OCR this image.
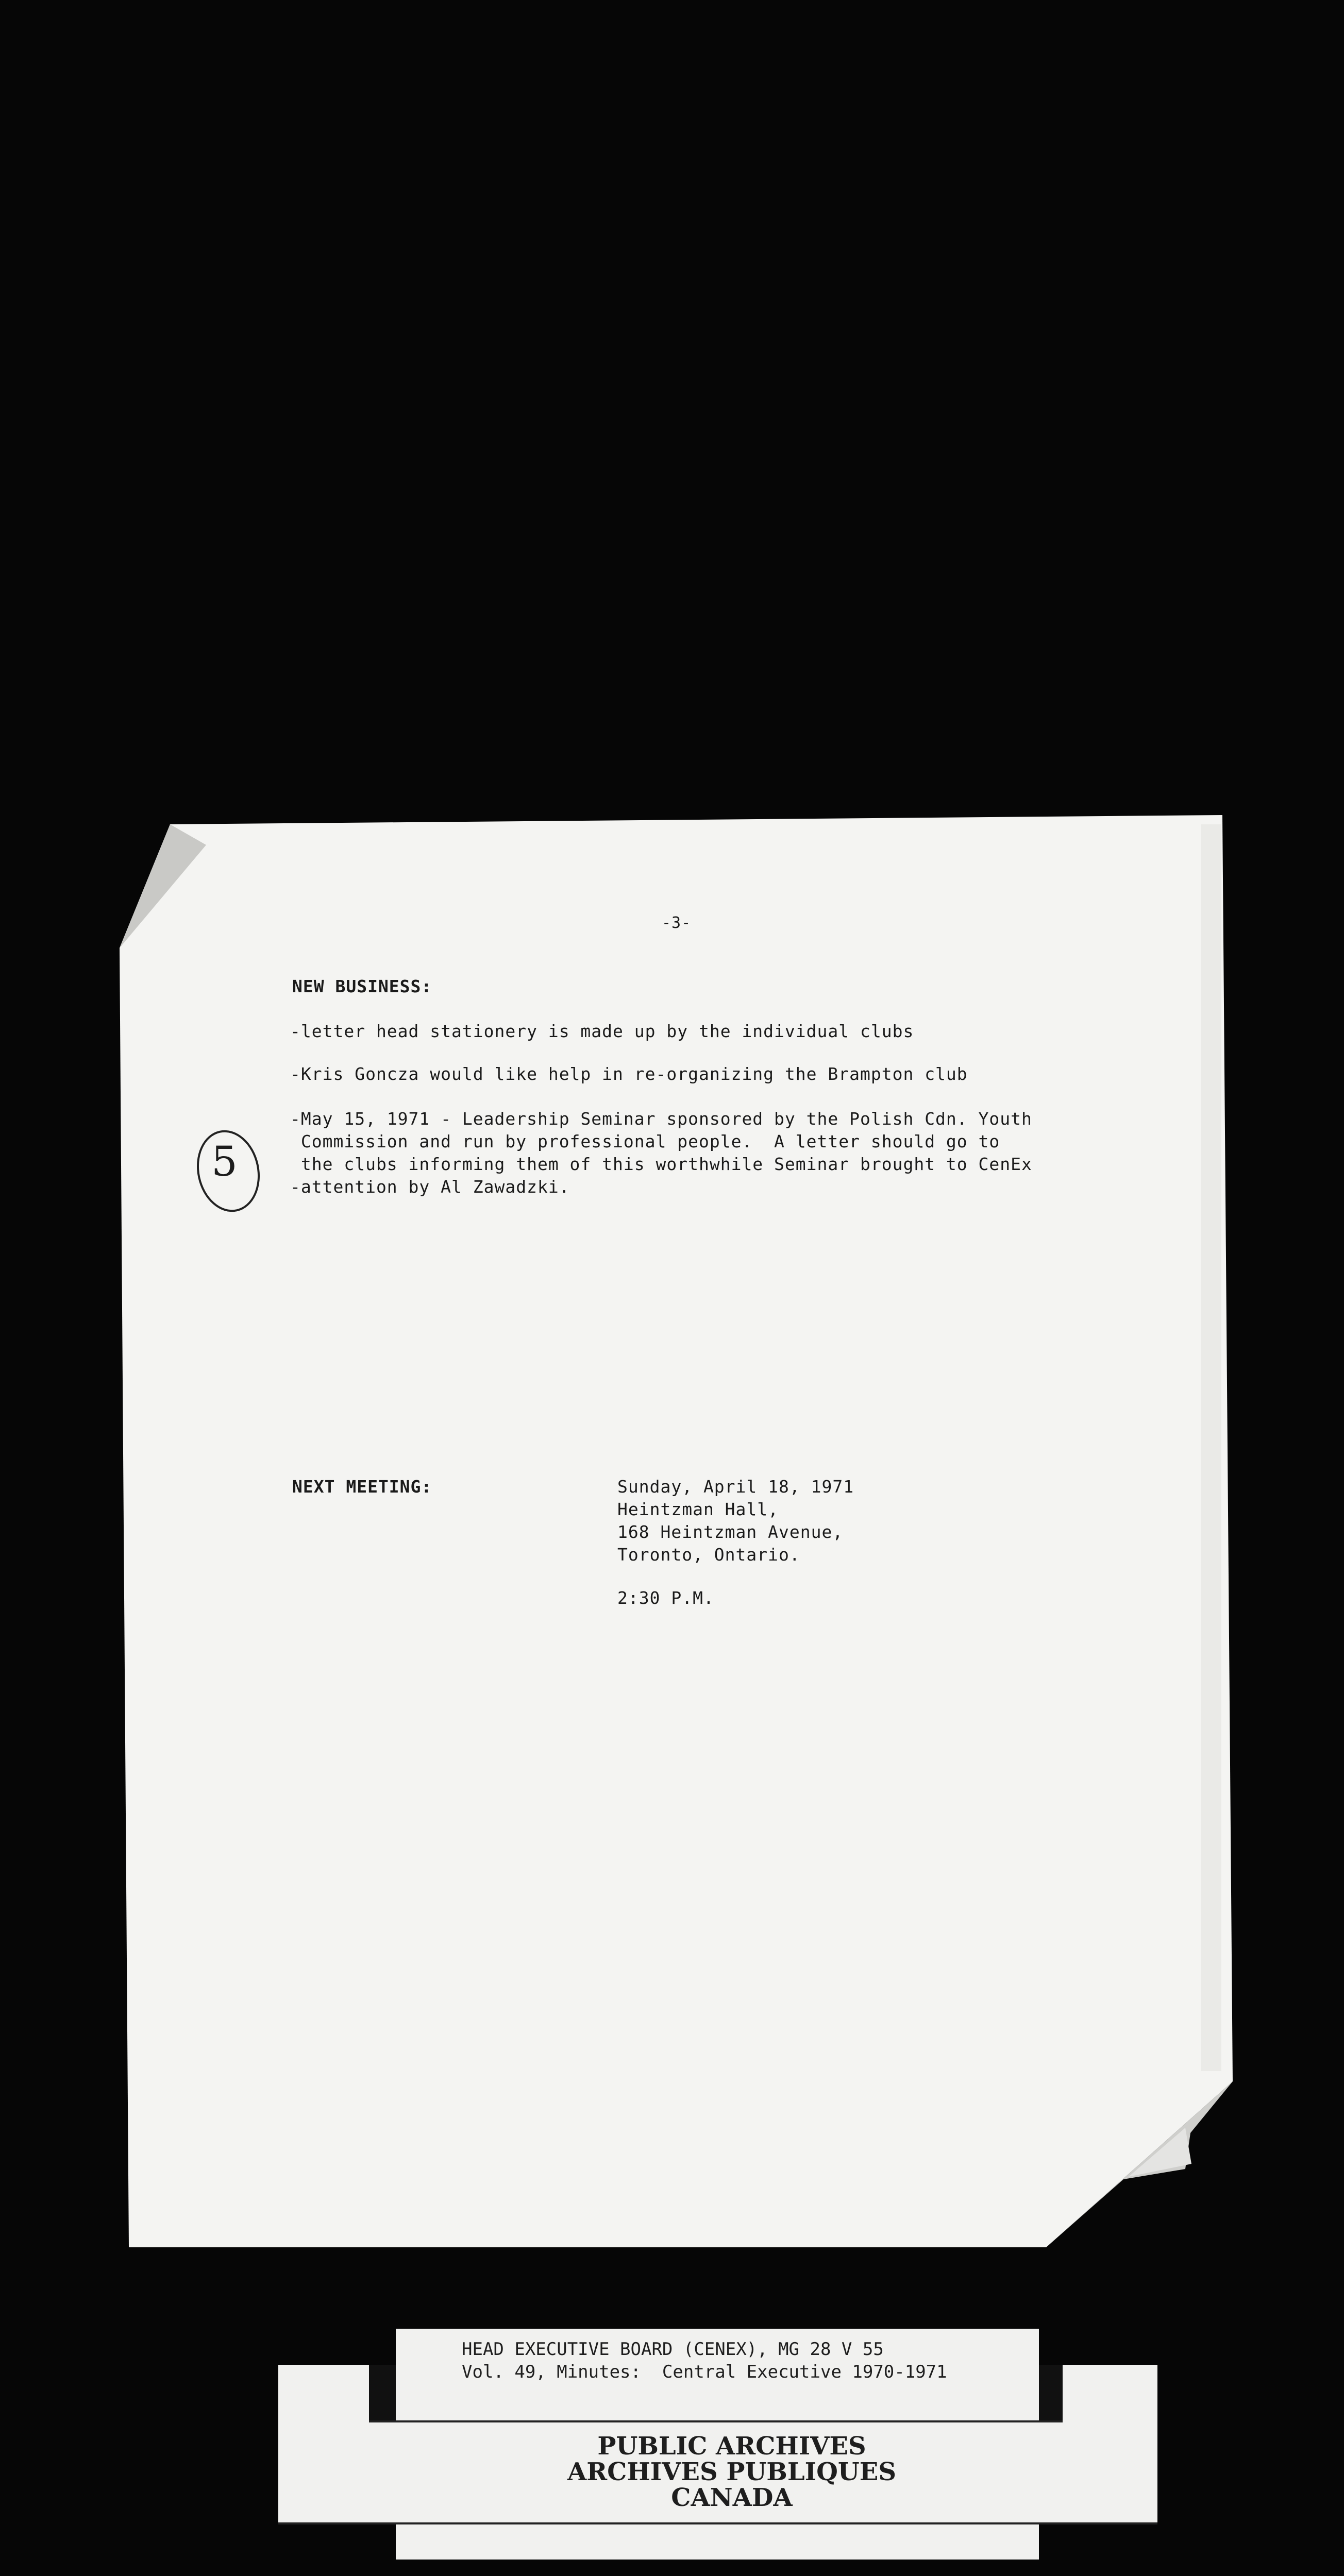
-3-
NEW BUSINESS:
-letter head stationery is made up by the individual clubs
-Kris Goncza would like help in re-organizing the Brampton club
-May 15, 1971 - Leadership Seminar sponsored by the Polish Cdn. Youth
Commission and run by professional people.  A letter should go to
the clubs informing them of this worthwhile Seminar brought to CenEx
-attention by Al Zawadzki.
5
NEXT MEETING:	Sunday, April 18, 1971
Heintzman Hall,
168 Heintzman Avenue,
Toronto, Ontario.
2:30 P.M.
HEAD EXECUTIVE BOARD (CENEX), MG 28 V 55
Vol. 49, Minutes:  Central Executive 1970-1971
PUBLIC ARCHIVES
ARCHIVES PUBLIQUES
CANADA
